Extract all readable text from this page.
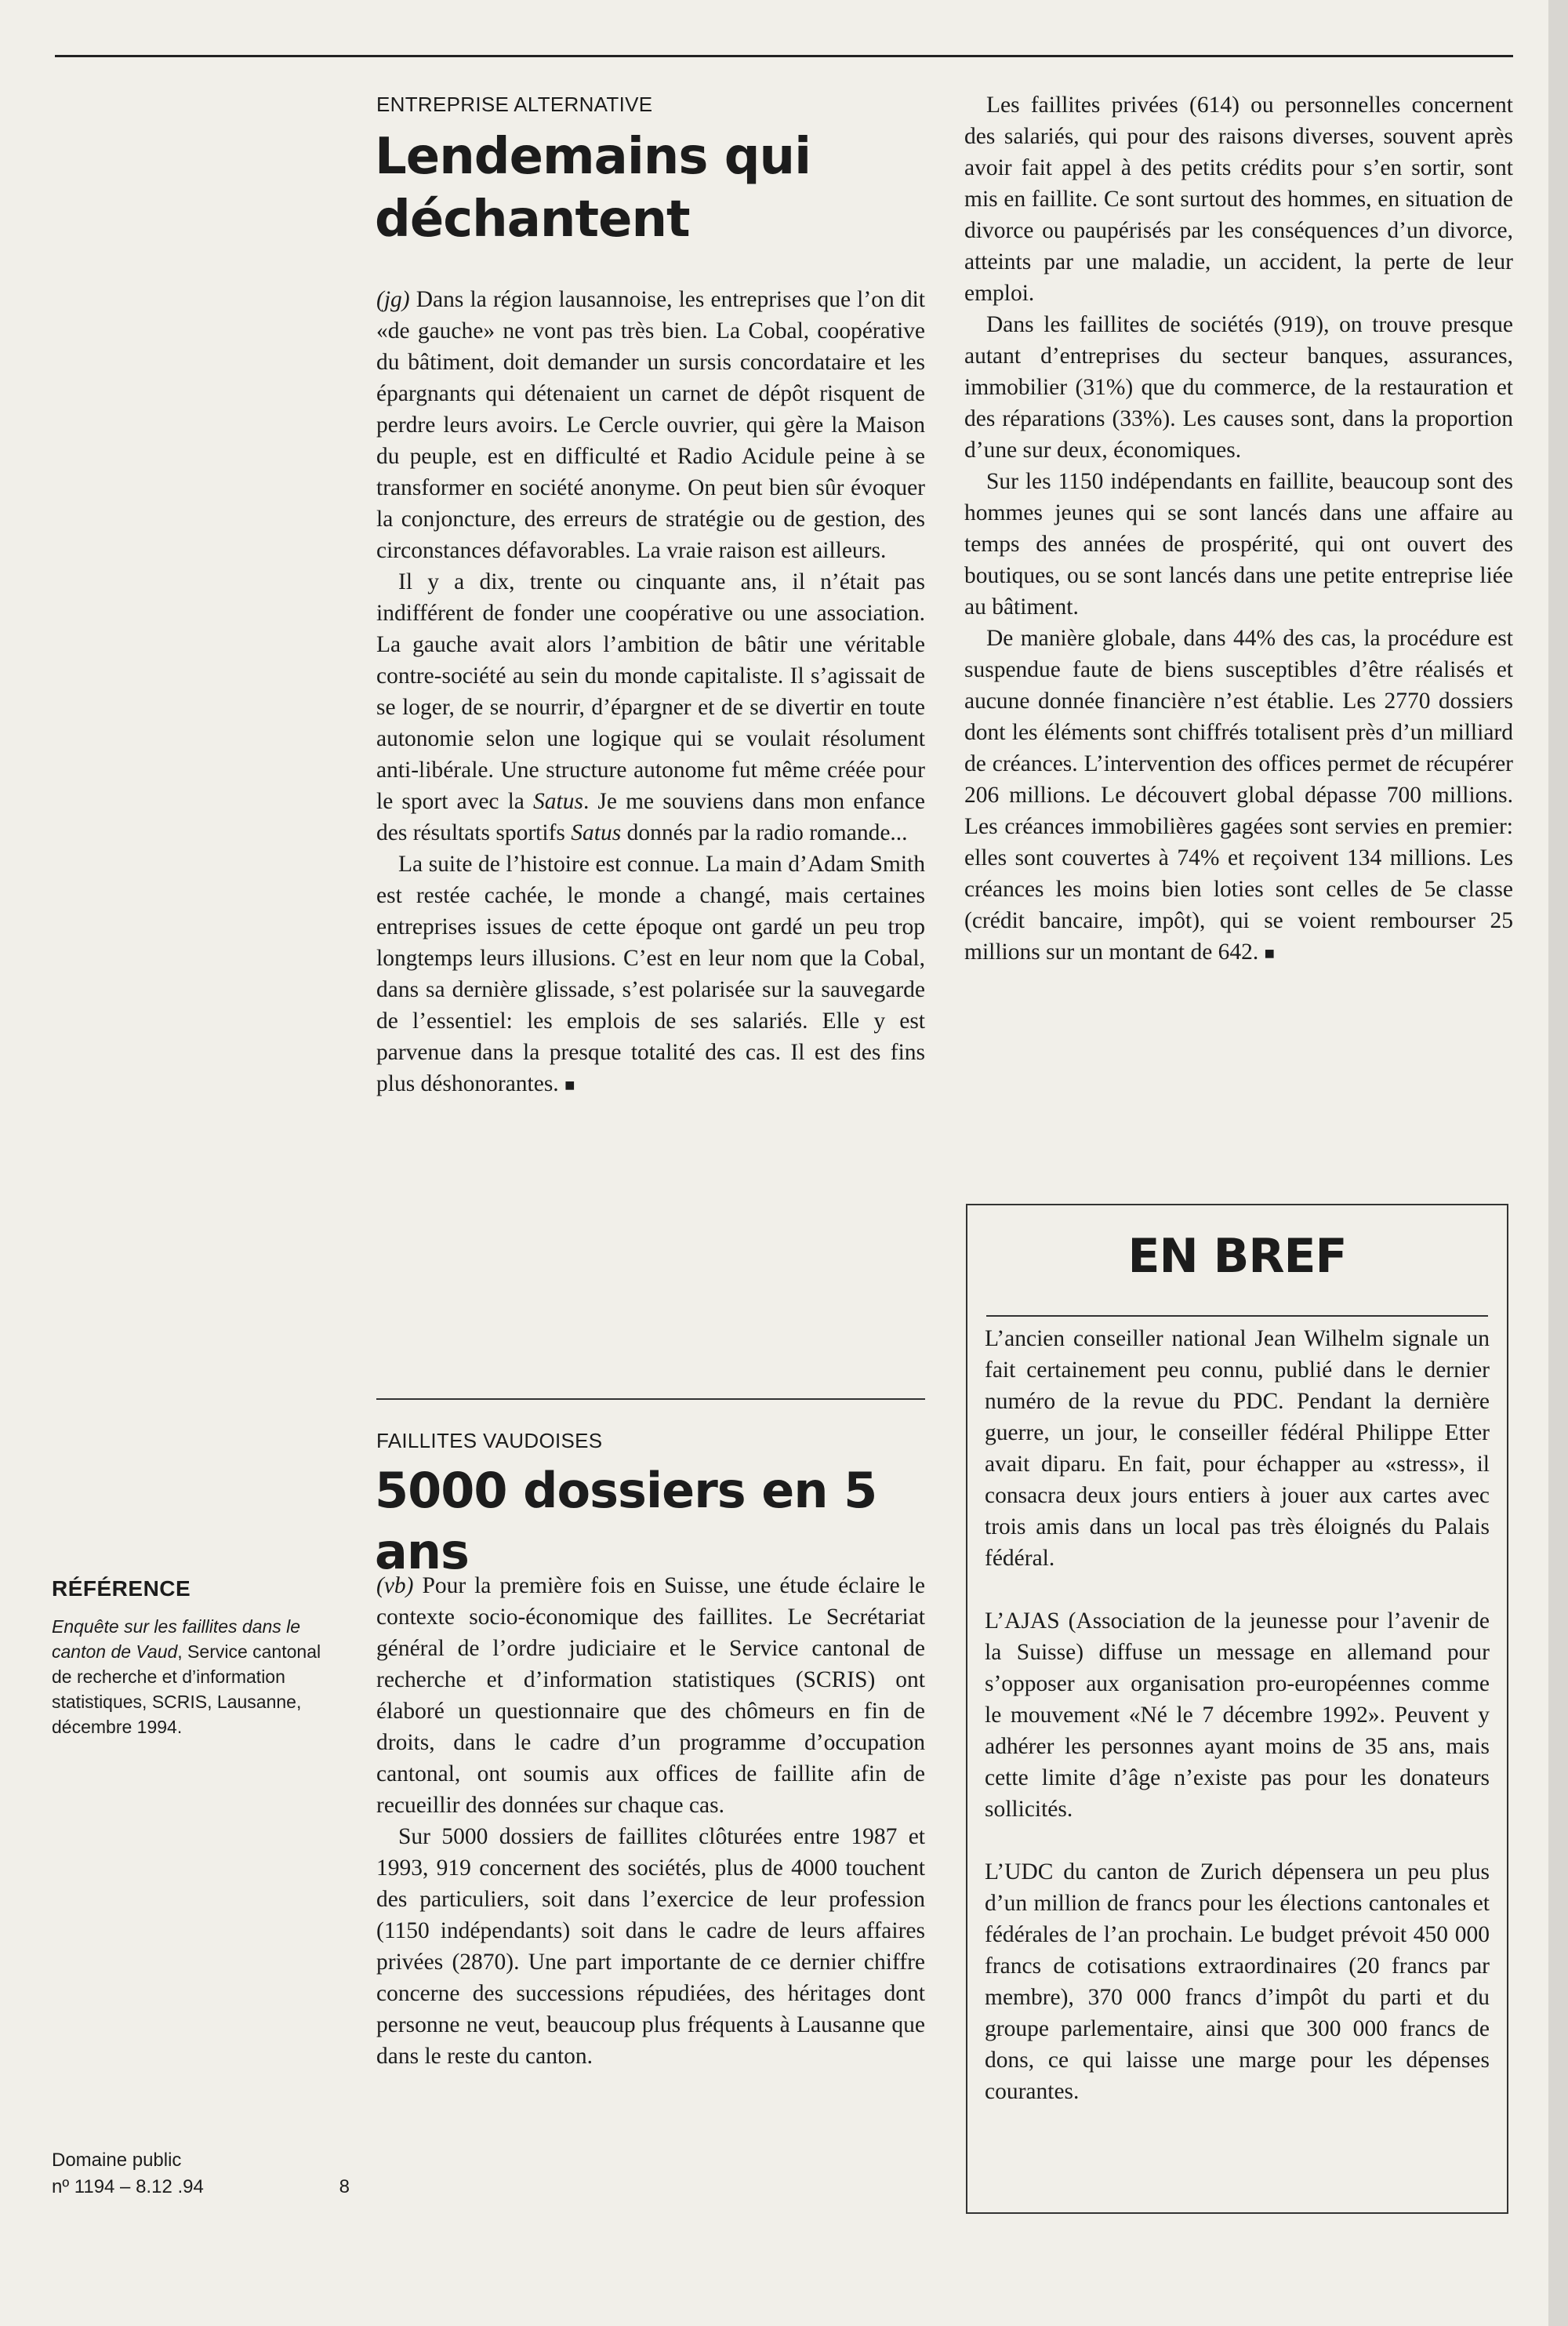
RÉFÉRENCE
Enquête sur les faillites dans le canton de Vaud, Service cantonal de recherche et d’information statistiques, SCRIS, Lausanne, décembre 1994.
Domaine public
nº 1194 – 8.12 .94	8
ENTREPRISE ALTERNATIVE
Lendemains qui déchantent

(jg) Dans la région lausannoise, les entreprises que l’on dit «de gauche» ne vont pas très bien. La Cobal, coopérative du bâtiment, doit demander un sursis concordataire et les épargnants qui détenaient un carnet de dépôt risquent de perdre leurs avoirs. Le Cercle ouvrier, qui gère la Maison du peuple, est en difficulté et Radio Acidule peine à se transformer en société anonyme. On peut bien sûr évoquer la conjoncture, des erreurs de stratégie ou de gestion, des circonstances défavorables. La vraie raison est ailleurs.

Il y a dix, trente ou cinquante ans, il n’était pas indifférent de fonder une coopérative ou une association. La gauche avait alors l’ambition de bâtir une véritable contre-société au sein du monde capitaliste. Il s’agissait de se loger, de se nourrir, d’épargner et de se divertir en toute autonomie selon une logique qui se voulait résolument anti-libérale. Une structure autonome fut même créée pour le sport avec la Satus. Je me souviens dans mon enfance des résultats sportifs Satus donnés par la radio romande...

La suite de l’histoire est connue. La main d’Adam Smith est restée cachée, le monde a changé, mais certaines entreprises issues de cette époque ont gardé un peu trop longtemps leurs illusions. C’est en leur nom que la Cobal, dans sa dernière glissade, s’est polarisée sur la sauvegarde de l’essentiel: les emplois de ses salariés. Elle y est parvenue dans la presque totalité des cas. Il est des fins plus déshonorantes. ■

FAILLITES VAUDOISES
5000 dossiers en 5 ans

(vb) Pour la première fois en Suisse, une étude éclaire le contexte socio-économique des faillites. Le Secrétariat général de l’ordre judiciaire et le Service cantonal de recherche et d’information statistiques (SCRIS) ont élaboré un questionnaire que des chômeurs en fin de droits, dans le cadre d’un programme d’occupation cantonal, ont soumis aux offices de faillite afin de recueillir des données sur chaque cas.

Sur 5000 dossiers de faillites clôturées entre 1987 et 1993, 919 concernent des sociétés, plus de 4000 touchent des particuliers, soit dans l’exercice de leur profession (1150 indépendants) soit dans le cadre de leurs affaires privées (2870). Une part importante de ce dernier chiffre concerne des successions répudiées, des héritages dont personne ne veut, beaucoup plus fréquents à Lausanne que dans le reste du canton.

Les faillites privées (614) ou personnelles concernent des salariés, qui pour des raisons diverses, souvent après avoir fait appel à des petits crédits pour s’en sortir, sont mis en faillite. Ce sont surtout des hommes, en situation de divorce ou paupérisés par les conséquences d’un divorce, atteints par une maladie, un accident, la perte de leur emploi.

Dans les faillites de sociétés (919), on trouve presque autant d’entreprises du secteur banques, assurances, immobilier (31%) que du commerce, de la restauration et des réparations (33%). Les causes sont, dans la proportion d’une sur deux, économiques.

Sur les 1150 indépendants en faillite, beaucoup sont des hommes jeunes qui se sont lancés dans une affaire au temps des années de prospérité, qui ont ouvert des boutiques, ou se sont lancés dans une petite entreprise liée au bâtiment.

De manière globale, dans 44% des cas, la procédure est suspendue faute de biens susceptibles d’être réalisés et aucune donnée financière n’est établie. Les 2770 dossiers dont les éléments sont chiffrés totalisent près d’un milliard de créances. L’intervention des offices permet de récupérer 206 millions. Le découvert global dépasse 700 millions. Les créances immobilières gagées sont servies en premier: elles sont couvertes à 74% et reçoivent 134 millions. Les créances les moins bien loties sont celles de 5e classe (crédit bancaire, impôt), qui se voient rembourser 25 millions sur un montant de 642. ■

EN BREF

L’ancien conseiller national Jean Wilhelm signale un fait certainement peu connu, publié dans le dernier numéro de la revue du PDC. Pendant la dernière guerre, un jour, le conseiller fédéral Philippe Etter avait diparu. En fait, pour échapper au «stress», il consacra deux jours entiers à jouer aux cartes avec trois amis dans un local pas très éloignés du Palais fédéral.

L’AJAS (Association de la jeunesse pour l’avenir de la Suisse) diffuse un message en allemand pour s’opposer aux organisation pro-européennes comme le mouvement «Né le 7 décembre 1992». Peuvent y adhérer les personnes ayant moins de 35 ans, mais cette limite d’âge n’existe pas pour les donateurs sollicités.

L’UDC du canton de Zurich dépensera un peu plus d’un million de francs pour les élections cantonales et fédérales de l’an prochain. Le budget prévoit 450 000 francs de cotisations extraordinaires (20 francs par membre), 370 000 francs d’impôt du parti et du groupe parlementaire, ainsi que 300 000 francs de dons, ce qui laisse une marge pour les dépenses courantes.
